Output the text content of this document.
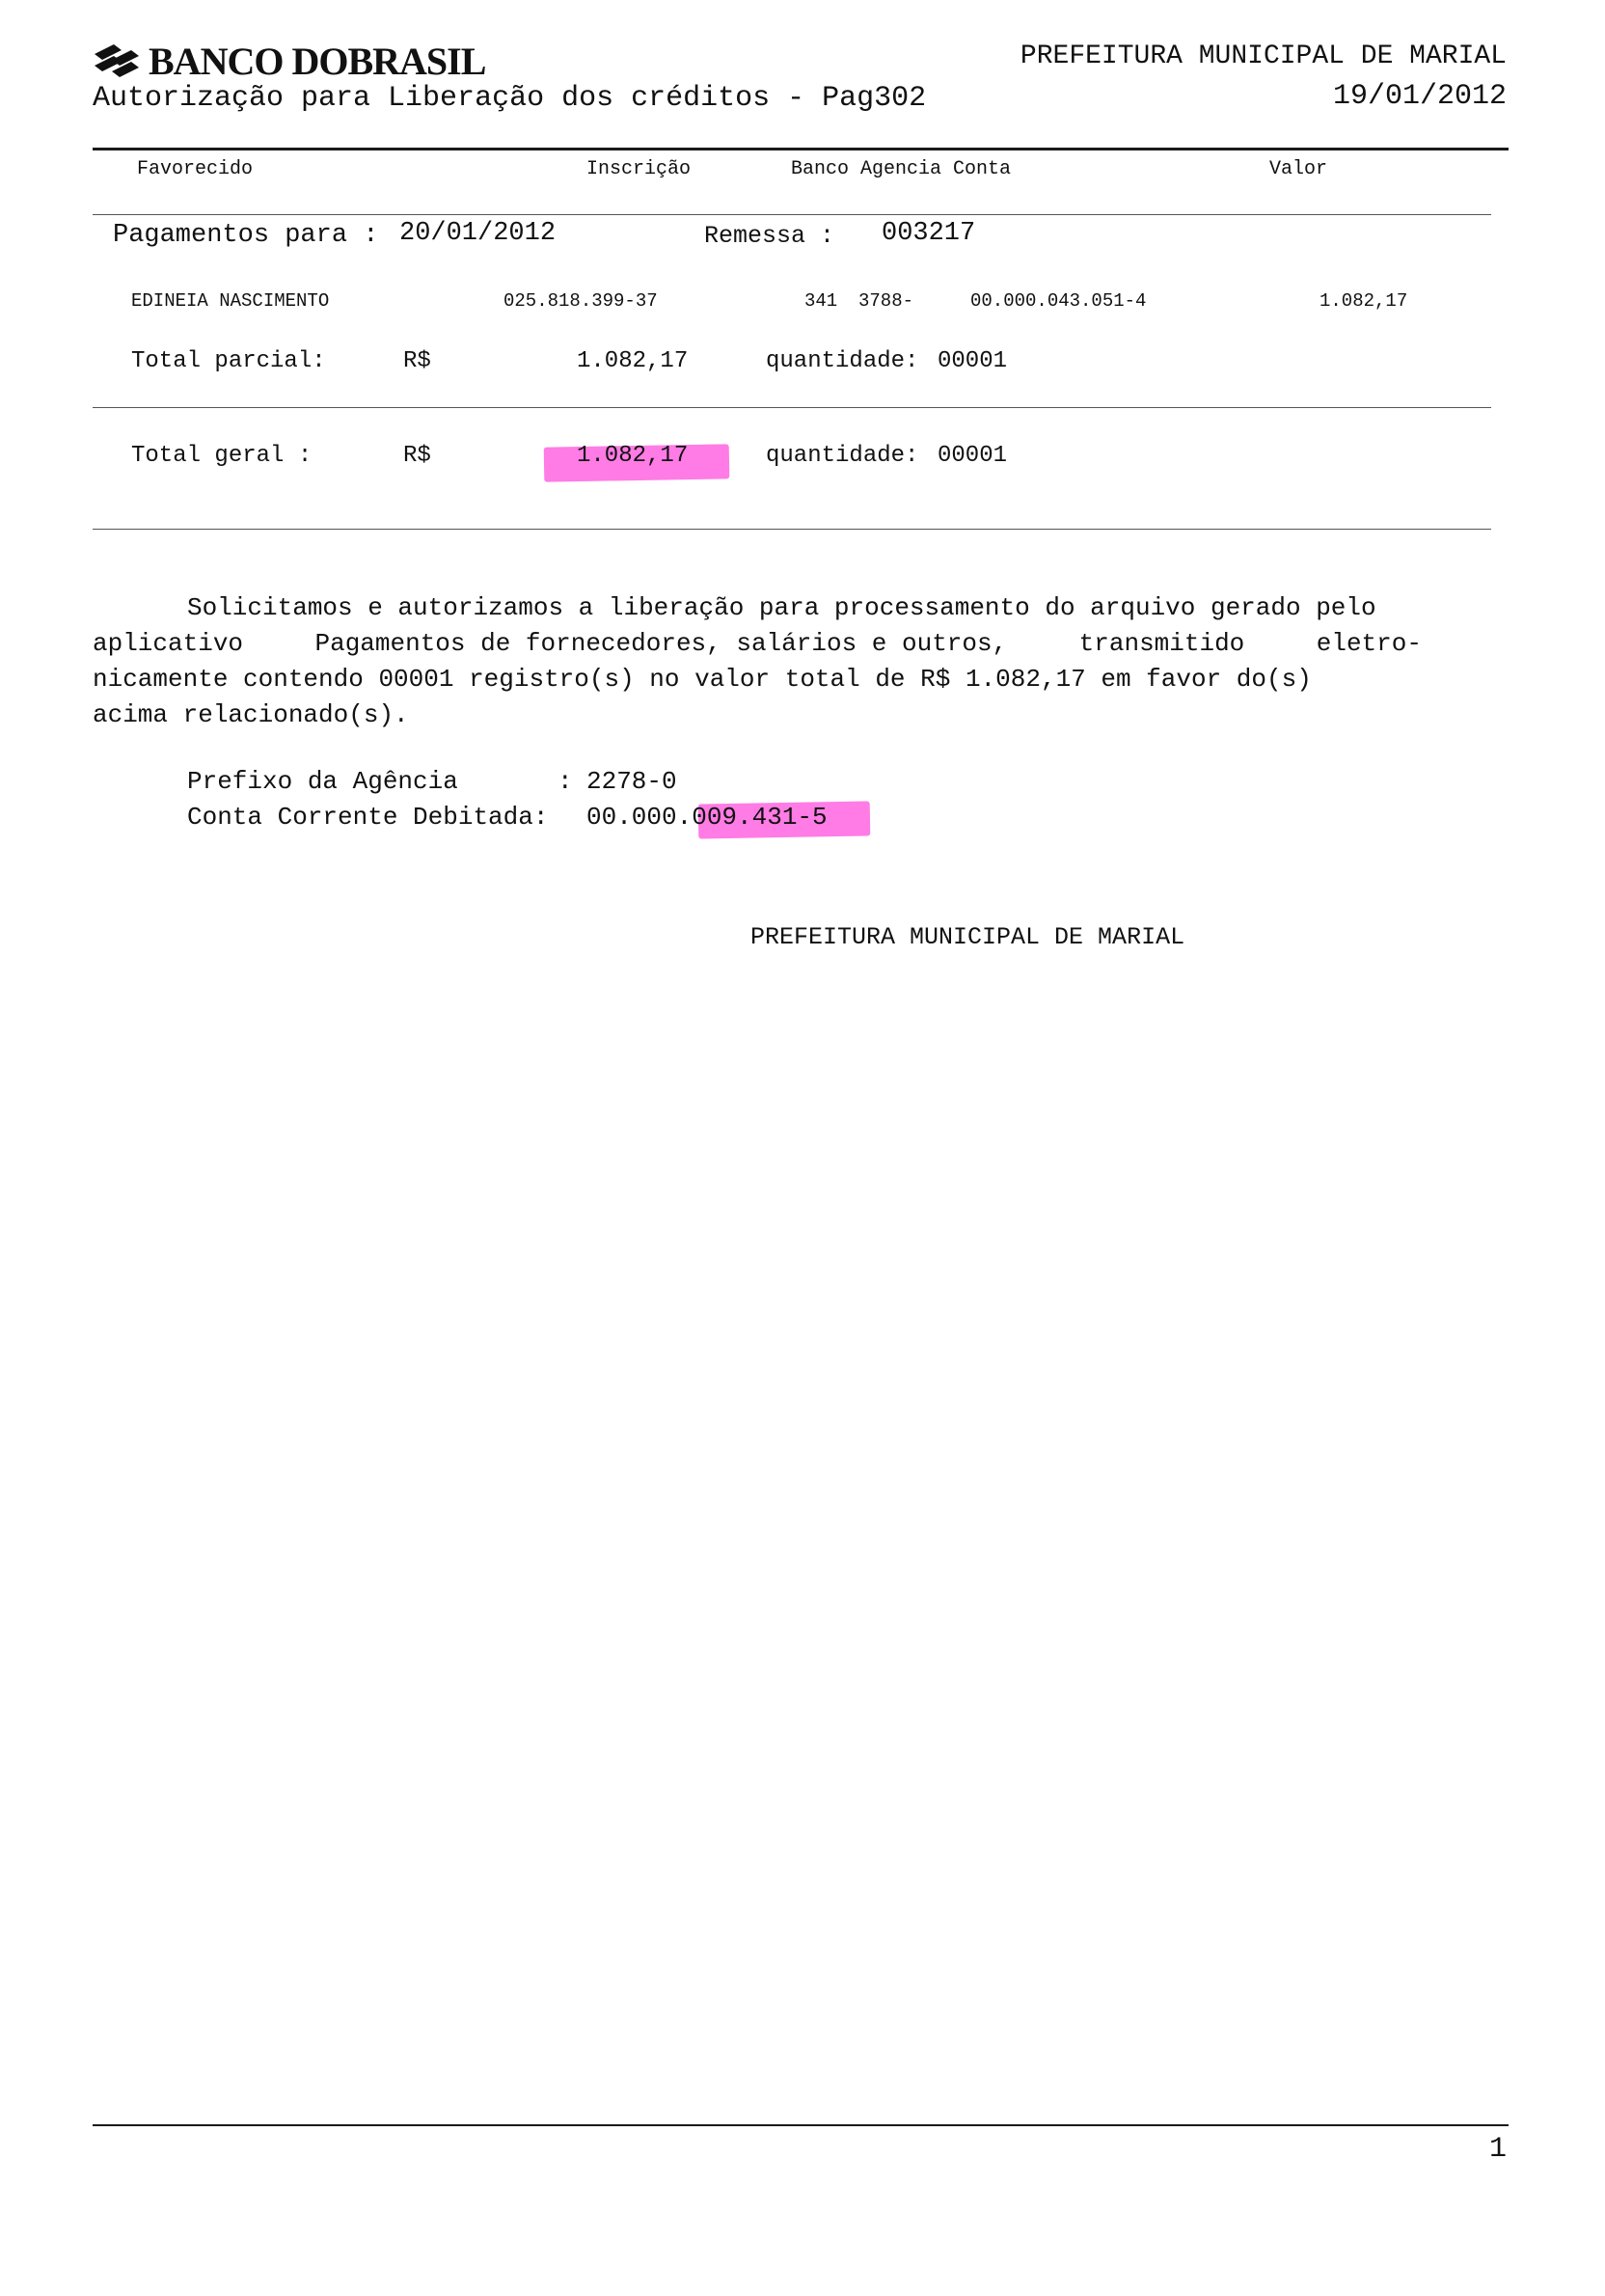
BANCO DOBRASIL
Autorização para Liberação dos créditos - Pag302
PREFEITURA MUNICIPAL DE MARIAL
19/01/2012
Favorecido	Inscrição	Banco Agencia Conta	Valor
Pagamentos para : 20/01/2012	Remessa : 003217
EDINEIA NASCIMENTO	025.818.399-37	341 3788-	00.000.043.051-4	1.082,17
Total parcial:	R$	1.082,17	quantidade: 00001
Total geral :	R$	1.082,17	quantidade: 00001
Solicitamos e autorizamos a liberação para processamento do arquivo gerado pelo
aplicativo	Pagamentos de fornecedores, salários e outros,	transmitido	eletro-
nicamente contendo 00001 registro(s) no valor total de R$ 1.082,17 em favor do(s)
acima relacionado(s).
Prefixo da Agência	: 2278-0
Conta Corrente Debitada: 00.000.009.431-5
PREFEITURA MUNICIPAL DE MARIAL
1
